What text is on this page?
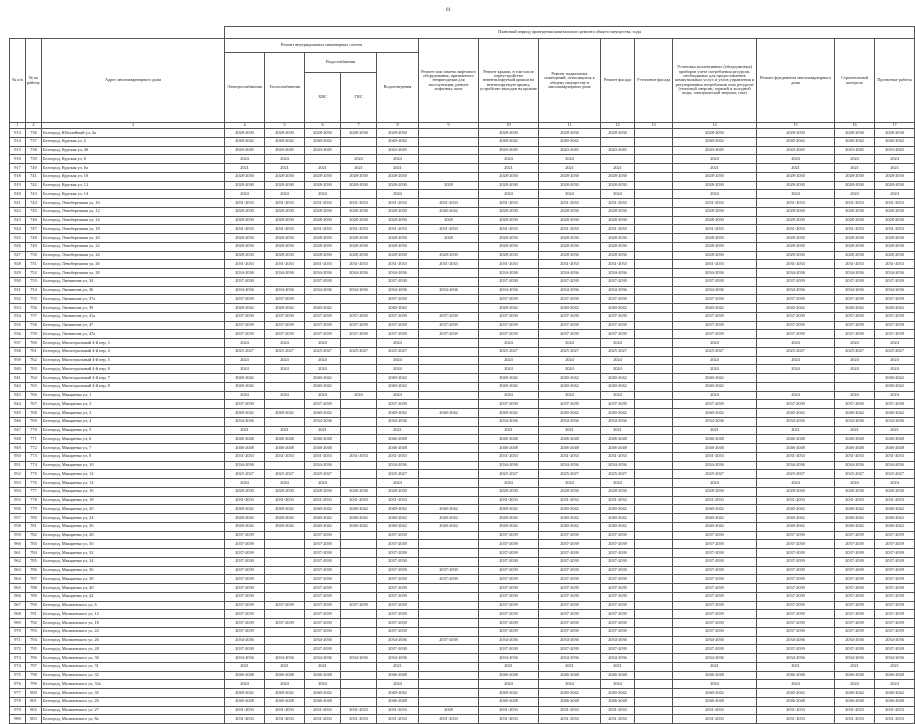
61
			Плановый период проведения капитального ремонта общего имущества, годы													
№ п/п	№ по району	Адрес многоквартирного дома	Ремонт внутридомовых инженерных систем					Ремонт или замена лифтового оборудования, признанного непригодным для эксплуатации, ремонт лифтовых шахт	Ремонт крыши, в том числе переустройство невентилируемой крыши на вентилируемую крышу, устройство выходов на кровлю	Ремонт подвальных помещений, относящихся к общему имуществу в многоквартирном доме	Ремонт фасада	Утепление фасада	Установка коллективных (общедомовых) приборов учета потребления ресурсов, необходимых для предоставления коммунальных услуг, и узлов управления и регулирования потребления этих ресурсов (тепловой энергии, горячей и холодной воды, электрической энергии, газа)	Ремонт фундамента многоквартирного дома	Строительный контроль	Проектные работы
			Электроснабжения	Теплоснабжения	Водоснабжения		Водоотведения									
					ХВС	ГВС										
1	2	3	4	5	6	7	8	9	10	11	12	13	14	15	16	17
913	736	Белгород, Юбилейный ул, 4а	2028-2030	2028-2030	2028-2030	2028-2030	2028-2030		2028-2030	2028-2030	2028-2030		2028-2030	2028-2030	2028-2030	2028-2030
914	737	Белгород, Курская ул, 2	2040-2042	2040-2042	2040-2042		2040-2042		2040-2042	2040-2042			2040-2042	2040-2042	2040-2042	2040-2042
915	738	Белгород, Курская ул, 4б	2043-2045	2043-2045	2043-2045		2043-2045		2043-2045	2043-2045	2043-2045		2043-2045	2043-2045	2043-2045	2043-2045
916	739	Белгород, Курская ул, 6	2024	2024		2024	2024		2024	2024			2024	2024	2024	2024
917	740	Белгород, Курская ул, 6а	2021	2021	2021	2021	2021		2021	2021	2021		2021	2021	2021	2021
918	741	Белгород, Курская ул, 10	2028-2030	2028-2030	2028-2030	2028-2030	2028-2030		2028-2030	2028-2030	2028-2030		2028-2030	2028-2030	2028-2030	2028-2030
919	742	Белгород, Курская ул, 12	2028-2030	2028-2030	2028-2030	2028-2030	2028-2030	2028	2028-2030	2028-2030	2028-2030		2028-2030	2028-2030	2028-2030	2028-2030
920	743	Белгород, Курская ул, 14	2024	2024	2024		2024		2024	2024	2024		2024	2024	2024	2024
921	744	Белгород, Левобережная ул, 16	2031-2033	2031-2033	2031-2033	2031-2033	2031-2033	2031-2033	2031-2033	2031-2033	2031-2033		2031-2033	2031-2033	2031-2033	2031-2033
922	745	Белгород, Левобережная ул, 12	2028-2030	2028-2030	2028-2030	2028-2030	2028-2030	2040-2042	2028-2030	2028-2030	2028-2030		2028-2030	2028-2030	2028-2030	2028-2030
923	746	Белгород, Левобережная ул, 14	2028-2030	2028-2030	2028-2030	2028-2030	2028-2030	2028	2028-2030	2028-2030	2028-2030		2028-2030	2028-2030	2028-2030	2028-2030
924	747	Белгород, Левобережная ул, 18	2031-2033	2031-2033	2031-2033	2031-2033	2031-2033	2031-2033	2031-2033	2031-2033	2031-2033		2031-2033	2031-2033	2031-2033	2031-2033
925	748	Белгород, Левобережная ул, 20	2028-2030	2028-2030	2028-2030	2028-2030	2028-2030	2028	2028-2030	2028-2030	2028-2030		2028-2030	2028-2030	2028-2030	2028-2030
926	749	Белгород, Левобережная ул, 22	2028-2030	2028-2030	2028-2030	2028-2030	2028-2030		2028-2030	2028-2030	2028-2030		2028-2030	2028-2030	2028-2030	2028-2030
927	750	Белгород, Левобережная ул, 24	2028-2030	2028-2030	2028-2030	2028-2030	2028-2030	2028-2030	2028-2030	2028-2030	2028-2030		2028-2030	2028-2030	2028-2030	2028-2030
928	751	Белгород, Левобережная ул, 26	2031-2033	2031-2033	2031-2033	2031-2033	2031-2033	2031-2033	2031-2033	2031-2033	2031-2033		2031-2033	2031-2033	2031-2033	2031-2033
929	752	Белгород, Левобережная ул, 28	2034-2036	2034-2036	2034-2036	2034-2036	2034-2036		2034-2036	2034-2036	2034-2036		2034-2036	2034-2036	2034-2036	2034-2036
930	753	Белгород, Литвинова ул, 34	2037-2039		2037-2039		2037-2039		2037-2039	2037-2039	2037-2039		2037-2039	2037-2039	2037-2039	2037-2039
931	754	Белгород, Литвинова ул, 36	2034-2036	2034-2036	2034-2036	2034-2036	2034-2036	2034-2036	2034-2036	2034-2036	2034-2036		2034-2036	2034-2036	2034-2036	2034-2036
932	755	Белгород, Литвинова ул, 37а	2037-2039	2037-2039			2037-2039		2037-2039	2037-2039	2037-2039		2037-2039	2037-2039	2037-2039	2037-2039
933	756	Белгород, Литвинова ул, 39	2040-2042	2040-2042	2040-2042		2040-2042		2040-2042	2040-2042	2040-2042		2040-2042	2040-2042	2040-2042	2040-2042
934	757	Белгород, Литвинова ул, 41а	2037-2039	2037-2039	2037-2039	2037-2039	2037-2039	2037-2039	2037-2039	2037-2039	2037-2039		2037-2039	2037-2039	2037-2039	2037-2039
935	758	Белгород, Литвинова ул, 47	2037-2039	2037-2039	2037-2039	2037-2039	2037-2039	2037-2039	2037-2039	2037-2039	2037-2039		2037-2039	2037-2039	2037-2039	2037-2039
936	759	Белгород, Литвинова ул, 47а	2037-2039	2037-2039	2037-2039	2037-2039	2037-2039	2037-2039	2037-2039	2037-2039	2037-2039		2037-2039	2037-2039	2037-2039	2037-2039
937	760	Белгород, Магистральный 4-й пер, 3	2024	2024	2024		2024		2024	2024	2024		2024	2024	2024	2024
938	761	Белгород, Магистральный 4-й пер, 4	2025-2027	2025-2027	2025-2027	2025-2027	2025-2027		2025-2027	2025-2027	2025-2027		2025-2027	2025-2027	2025-2027	2025-2027
939	762	Белгород, Магистральный 4-й пер, 5	2024	2024	2024		2024		2024	2024	2024		2024	2024	2024	2024
940	763	Белгород, Магистральный 4-й пер, 6	2024	2024	2024		2024		2024	2024	2024		2024	2024	2024	2024
941	764	Белгород, Магистральный 4-й пер, 7	2040-2042		2040-2042		2040-2042		2040-2042	2040-2042	2040-2042		2040-2042			2040-2042
942	765	Белгород, Магистральный 4-й пер, 8	2040-2042		2040-2042		2040-2042		2040-2042	2040-2042	2040-2042		2040-2042			2040-2042
943	766	Белгород, Макаренко ул, 1	2024	2024	2024	2024	2024		2024	2024	2024		2024	2024	2024	2024
944	767	Белгород, Макаренко ул, 2	2037-2039		2037-2039		2037-2039		2037-2039	2037-2039	2037-2039		2037-2039	2037-2039	2037-2039	2037-2039
945	768	Белгород, Макаренко ул, 3	2040-2042	2040-2042	2040-2042		2040-2042	2040-2042	2040-2042	2040-2042	2040-2042		2040-2042	2040-2042	2040-2042	2040-2042
946	769	Белгород, Макаренко ул, 4	2034-2036		2034-2036		2034-2036		2034-2036	2034-2036	2034-2036		2034-2036	2034-2036	2034-2036	2034-2036
947	770	Белгород, Макаренко ул, 5	2021	2021	2021		2021		2021	2021	2021		2021	2021	2021	2021
948	771	Белгород, Макаренко ул, 6	2046-2048	2046-2048	2046-2048		2046-2048		2046-2048	2046-2048	2046-2048		2046-2048	2046-2048	2046-2048	2046-2048
949	772	Белгород, Макаренко ул, 7	2046-2048	2046-2048	2046-2048		2046-2048		2046-2048	2046-2048	2046-2048		2046-2048	2046-2048	2046-2048	2046-2048
950	773	Белгород, Макаренко ул, 8	2031-2033	2031-2033	2031-2033	2031-2033	2031-2033		2031-2033	2031-2033	2031-2033		2031-2033	2031-2033	2031-2033	2031-2033
951	774	Белгород, Макаренко ул, 10	2034-2036		2034-2036		2034-2036		2034-2036	2034-2036	2034-2036		2034-2036	2034-2036	2034-2036	2034-2036
952	775	Белгород, Макаренко ул, 12	2025-2027	2025-2027	2025-2027		2025-2027		2025-2027	2025-2027	2025-2027		2025-2027	2025-2027	2025-2027	2025-2027
953	776	Белгород, Макаренко ул, 14	2024	2024	2024		2024		2024	2024	2024		2024	2024	2024	2024
954	777	Белгород, Макаренко ул, 16	2028-2030	2028-2030	2028-2030	2028-2030	2028-2030		2028-2030	2028-2030	2028-2030		2028-2030	2028-2030	2028-2030	2028-2030
955	778	Белгород, Макаренко ул, 18	2031-2033	2031-2033	2031-2033	2031-2033	2031-2033		2031-2033	2031-2033	2031-2033		2031-2033	2031-2033	2031-2033	2031-2033
956	779	Белгород, Макаренко ул, 20	2040-2042	2040-2042	2040-2042	2040-2042	2040-2042	2040-2042	2040-2042	2040-2042	2040-2042		2040-2042	2040-2042	2040-2042	2040-2042
957	780	Белгород, Макаренко ул, 24	2040-2042	2040-2042	2040-2042	2040-2042	2040-2042	2040-2042	2040-2042	2040-2042	2040-2042		2040-2042	2040-2042	2040-2042	2040-2042
958	781	Белгород, Макаренко ул, 26	2040-2042	2040-2042	2040-2042	2040-2042	2040-2042	2040-2042	2040-2042	2040-2042	2040-2042		2040-2042	2040-2042	2040-2042	2040-2042
959	782	Белгород, Макаренко ул, 28	2037-2039		2037-2039		2037-2039		2037-2039	2037-2039	2037-2039		2037-2039	2037-2039	2037-2039	2037-2039
960	783	Белгород, Макаренко ул, 30	2037-2039		2037-2039		2037-2039		2037-2039	2037-2039	2037-2039		2037-2039	2037-2039	2037-2039	2037-2039
961	784	Белгород, Макаренко ул, 32	2037-2039		2037-2039		2037-2039		2037-2039	2037-2039	2037-2039		2037-2039	2037-2039	2037-2039	2037-2039
962	785	Белгород, Макаренко ул, 34	2037-2039		2037-2039		2037-2039		2037-2039	2037-2039	2037-2039		2037-2039	2037-2039	2037-2039	2037-2039
963	786	Белгород, Макаренко ул, 36	2037-2039		2037-2039		2037-2039	2037-2039	2037-2039	2037-2039	2037-2039		2037-2039	2037-2039	2037-2039	2037-2039
964	787	Белгород, Макаренко ул, 38	2037-2039		2037-2039		2037-2039	2037-2039	2037-2039	2037-2039	2037-2039		2037-2039	2037-2039	2037-2039	2037-2039
965	788	Белгород, Макаренко ул, 40	2037-2039		2037-2039		2037-2039		2037-2039	2037-2039	2037-2039		2037-2039	2037-2039	2037-2039	2037-2039
966	789	Белгород, Макаренко ул, 42	2037-2039		2037-2039		2037-2039		2037-2039	2037-2039	2037-2039		2037-2039	2037-2039	2037-2039	2037-2039
967	790	Белгород, Мальчевского ул, 6	2037-2039	2037-2039	2037-2039	2037-2039	2037-2039		2037-2039	2037-2039	2037-2039		2037-2039	2037-2039	2037-2039	2037-2039
968	791	Белгород, Мальчевского ул, 12	2037-2039		2037-2039		2037-2039		2037-2039	2037-2039	2037-2039		2037-2039	2037-2039	2037-2039	2037-2039
969	792	Белгород, Мальчевского ул, 18	2037-2039	2037-2039	2037-2039		2037-2039		2037-2039	2037-2039	2037-2039		2037-2039	2037-2039	2037-2039	2037-2039
970	793	Белгород, Мальчевского ул, 22	2037-2039		2037-2039		2037-2039		2037-2039	2037-2039	2037-2039		2037-2039	2037-2039	2037-2039	2037-2039
971	794	Белгород, Мальчевского ул, 26	2034-2036		2034-2036		2034-2036	2037-2039	2034-2036	2034-2036	2034-2036		2034-2036	2034-2036	2034-2036	2034-2036
972	795	Белгород, Мальчевского ул, 28	2037-2039		2037-2039		2037-2039		2037-2039	2037-2039	2037-2039		2037-2039	2037-2039	2037-2039	2037-2039
973	796	Белгород, Мальчевского ул, 30	2034-2036	2034-2036	2034-2036	2034-2036	2034-2036		2034-2036	2034-2036	2034-2036		2034-2036	2034-2036	2034-2036	2034-2036
974	797	Белгород, Мальчевского ул, 31	2021	2021	2021		2021		2021	2021	2021		2021	2021	2021	2021
975	798	Белгород, Мальчевского ул, 32	2046-2048	2046-2048	2046-2048		2046-2048		2046-2048	2046-2048	2046-2048		2046-2048	2046-2048	2046-2048	2046-2048
976	799	Белгород, Мальчевского ул, 33а	2024	2024	2024		2024		2024	2024	2024		2024	2024	2024	2024
977	800	Белгород, Мальчевского ул, 35	2040-2042	2040-2042	2040-2042		2040-2042		2040-2042	2040-2042	2040-2042		2040-2042	2040-2042	2040-2042	2040-2042
978	801	Белгород, Мальчевского ул, 26	2046-2048	2046-2048	2046-2048		2046-2048		2046-2048	2046-2048	2046-2048		2046-2048	2046-2048	2046-2048	2046-2048
979	802	Белгород, Мальчевского ул, 27	2031-2033	2031-2033	2031-2033	2031-2033	2031-2033	2028	2031-2033	2031-2033	2031-2033		2031-2033	2031-2033	2031-2033	2031-2033
980	803	Белгород, Мальчевского ул, 8а	2031-2033	2031-2033	2031-2033	2031-2033	2031-2033	2031-2033	2031-2033	2031-2033	2031-2033		2031-2033	2031-2033	2031-2033	2031-2033
